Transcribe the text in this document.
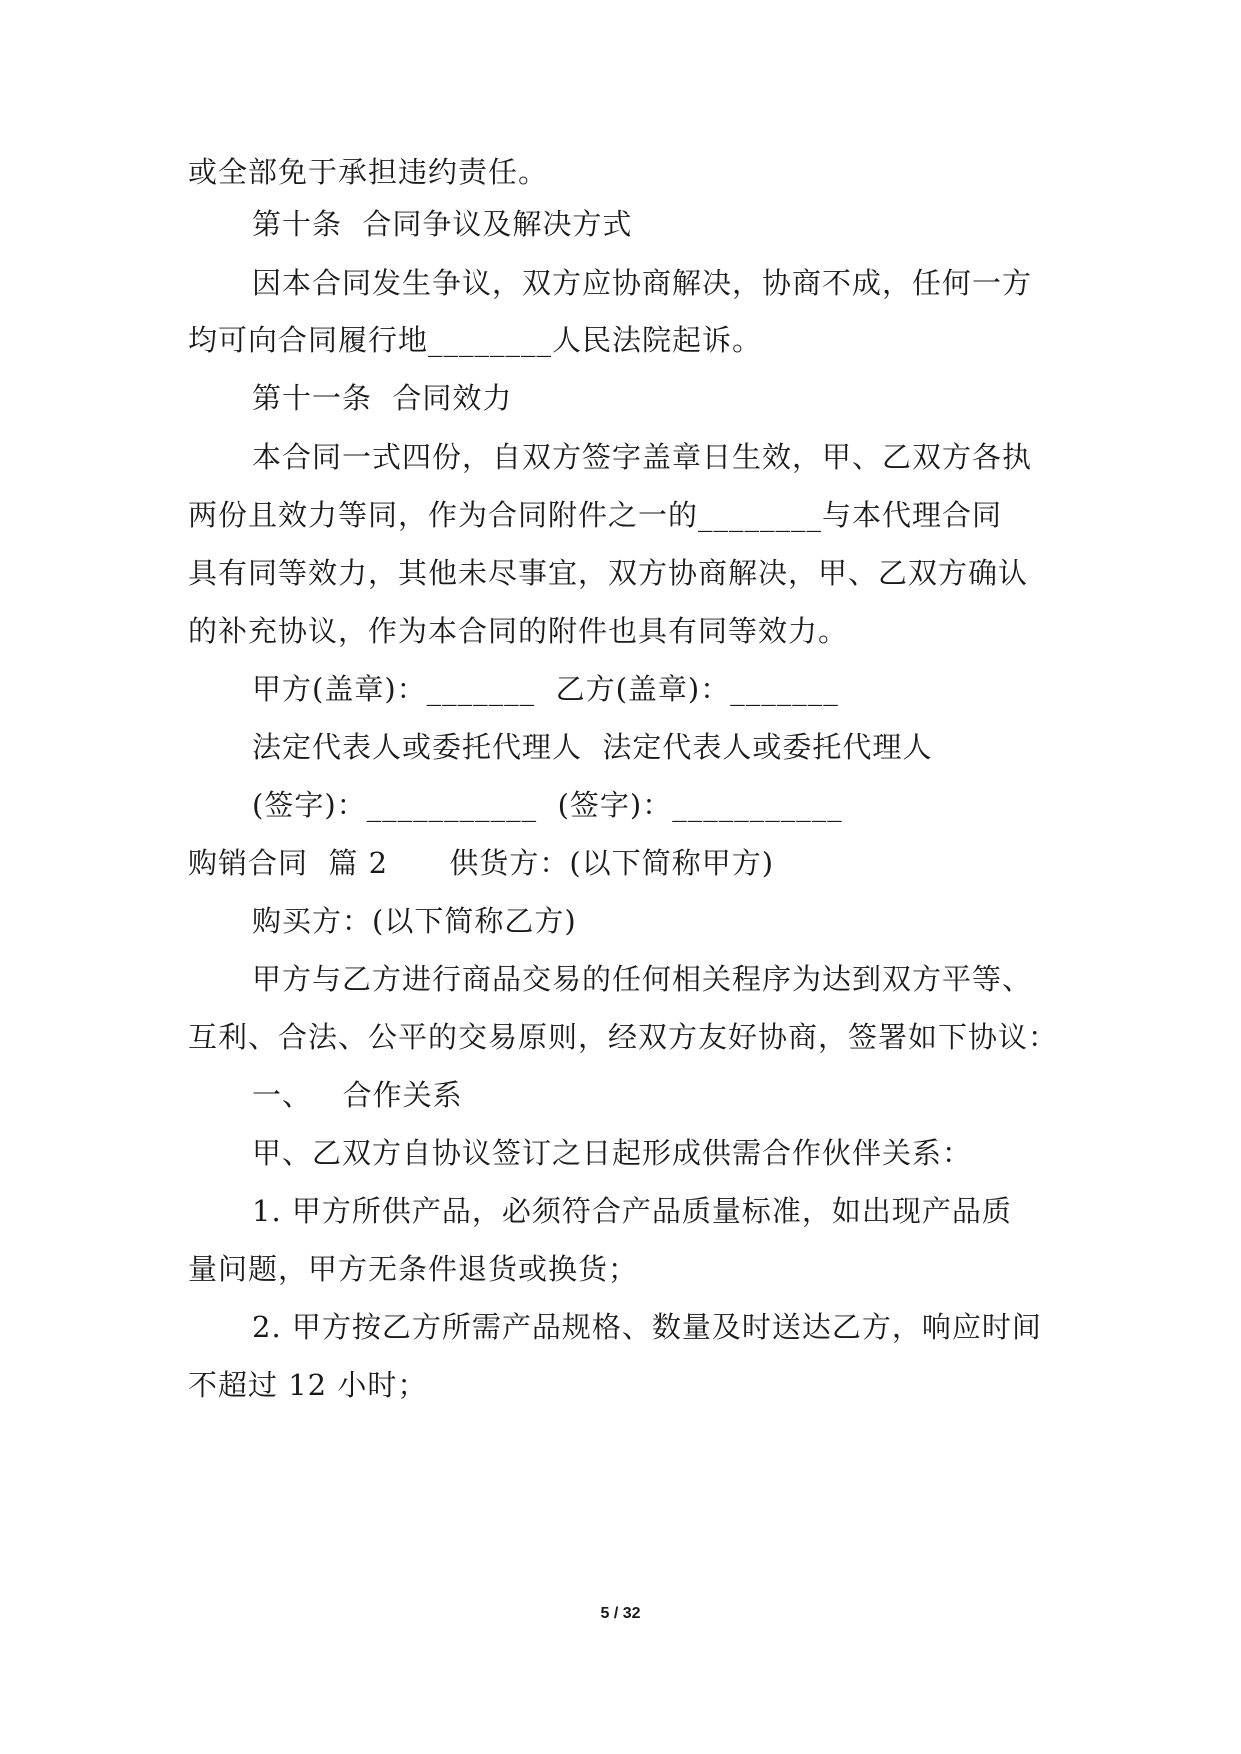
或全部免于承担违约责任。
第十条  合同争议及解决方式
因本合同发生争议，双方应协商解决，协商不成，任何一方
均可向合同履行地________人民法院起诉。
第十一条  合同效力
本合同一式四份，自双方签字盖章日生效，甲、乙双方各执
两份且效力等同，作为合同附件之一的________与本代理合同
具有同等效力，其他未尽事宜，双方协商解决，甲、乙双方确认
的补充协议，作为本合同的附件也具有同等效力。
甲方(盖章)：_______  乙方(盖章)：_______
法定代表人或委托代理人  法定代表人或委托代理人
(签字)：___________  (签字)：___________
购销合同  篇 2      供货方：(以下简称甲方)
购买方：(以下简称乙方)
甲方与乙方进行商品交易的任何相关程序为达到双方平等、
互利、合法、公平的交易原则，经双方友好协商，签署如下协议：
一、   合作关系
甲、乙双方自协议签订之日起形成供需合作伙伴关系：
1. 甲方所供产品，必须符合产品质量标准，如出现产品质
量问题，甲方无条件退货或换货；
2. 甲方按乙方所需产品规格、数量及时送达乙方，响应时间
不超过 12 小时；
5 / 32
